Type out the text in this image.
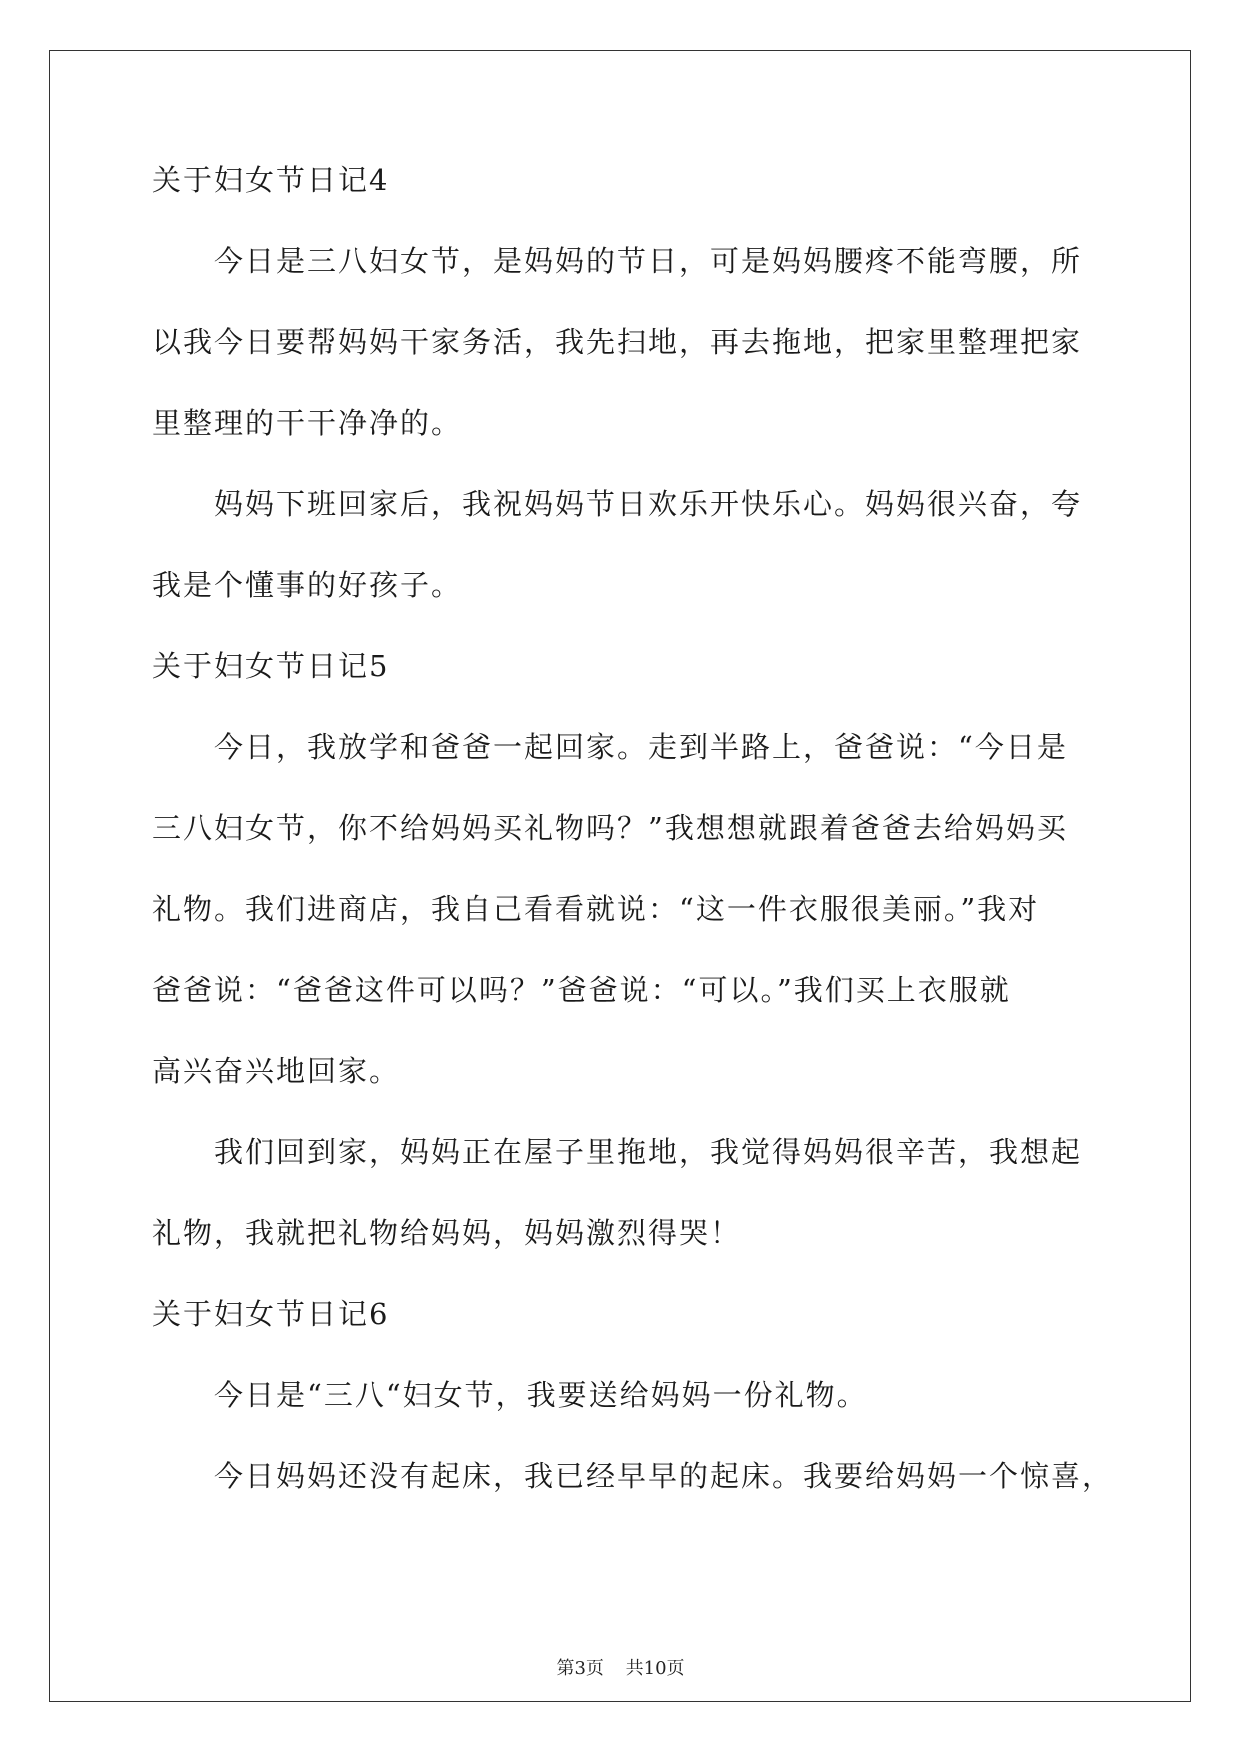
关于妇女节日记4

今日是三八妇女节，是妈妈的节日，可是妈妈腰疼不能弯腰，所

以我今日要帮妈妈干家务活，我先扫地，再去拖地，把家里整理把家

里整理的干干净净的。

妈妈下班回家后，我祝妈妈节日欢乐开快乐心。妈妈很兴奋，夸

我是个懂事的好孩子。

关于妇女节日记5

今日，我放学和爸爸一起回家。走到半路上，爸爸说：“今日是

三八妇女节，你不给妈妈买礼物吗？”我想想就跟着爸爸去给妈妈买

礼物。我们进商店，我自己看看就说：“这一件衣服很美丽。”我对

爸爸说：“爸爸这件可以吗？”爸爸说：“可以。”我们买上衣服就

高兴奋兴地回家。

我们回到家，妈妈正在屋子里拖地，我觉得妈妈很辛苦，我想起

礼物，我就把礼物给妈妈，妈妈激烈得哭！

关于妇女节日记6

今日是“三八“妇女节，我要送给妈妈一份礼物。

今日妈妈还没有起床，我已经早早的起床。我要给妈妈一个惊喜，

第3页 共10页
